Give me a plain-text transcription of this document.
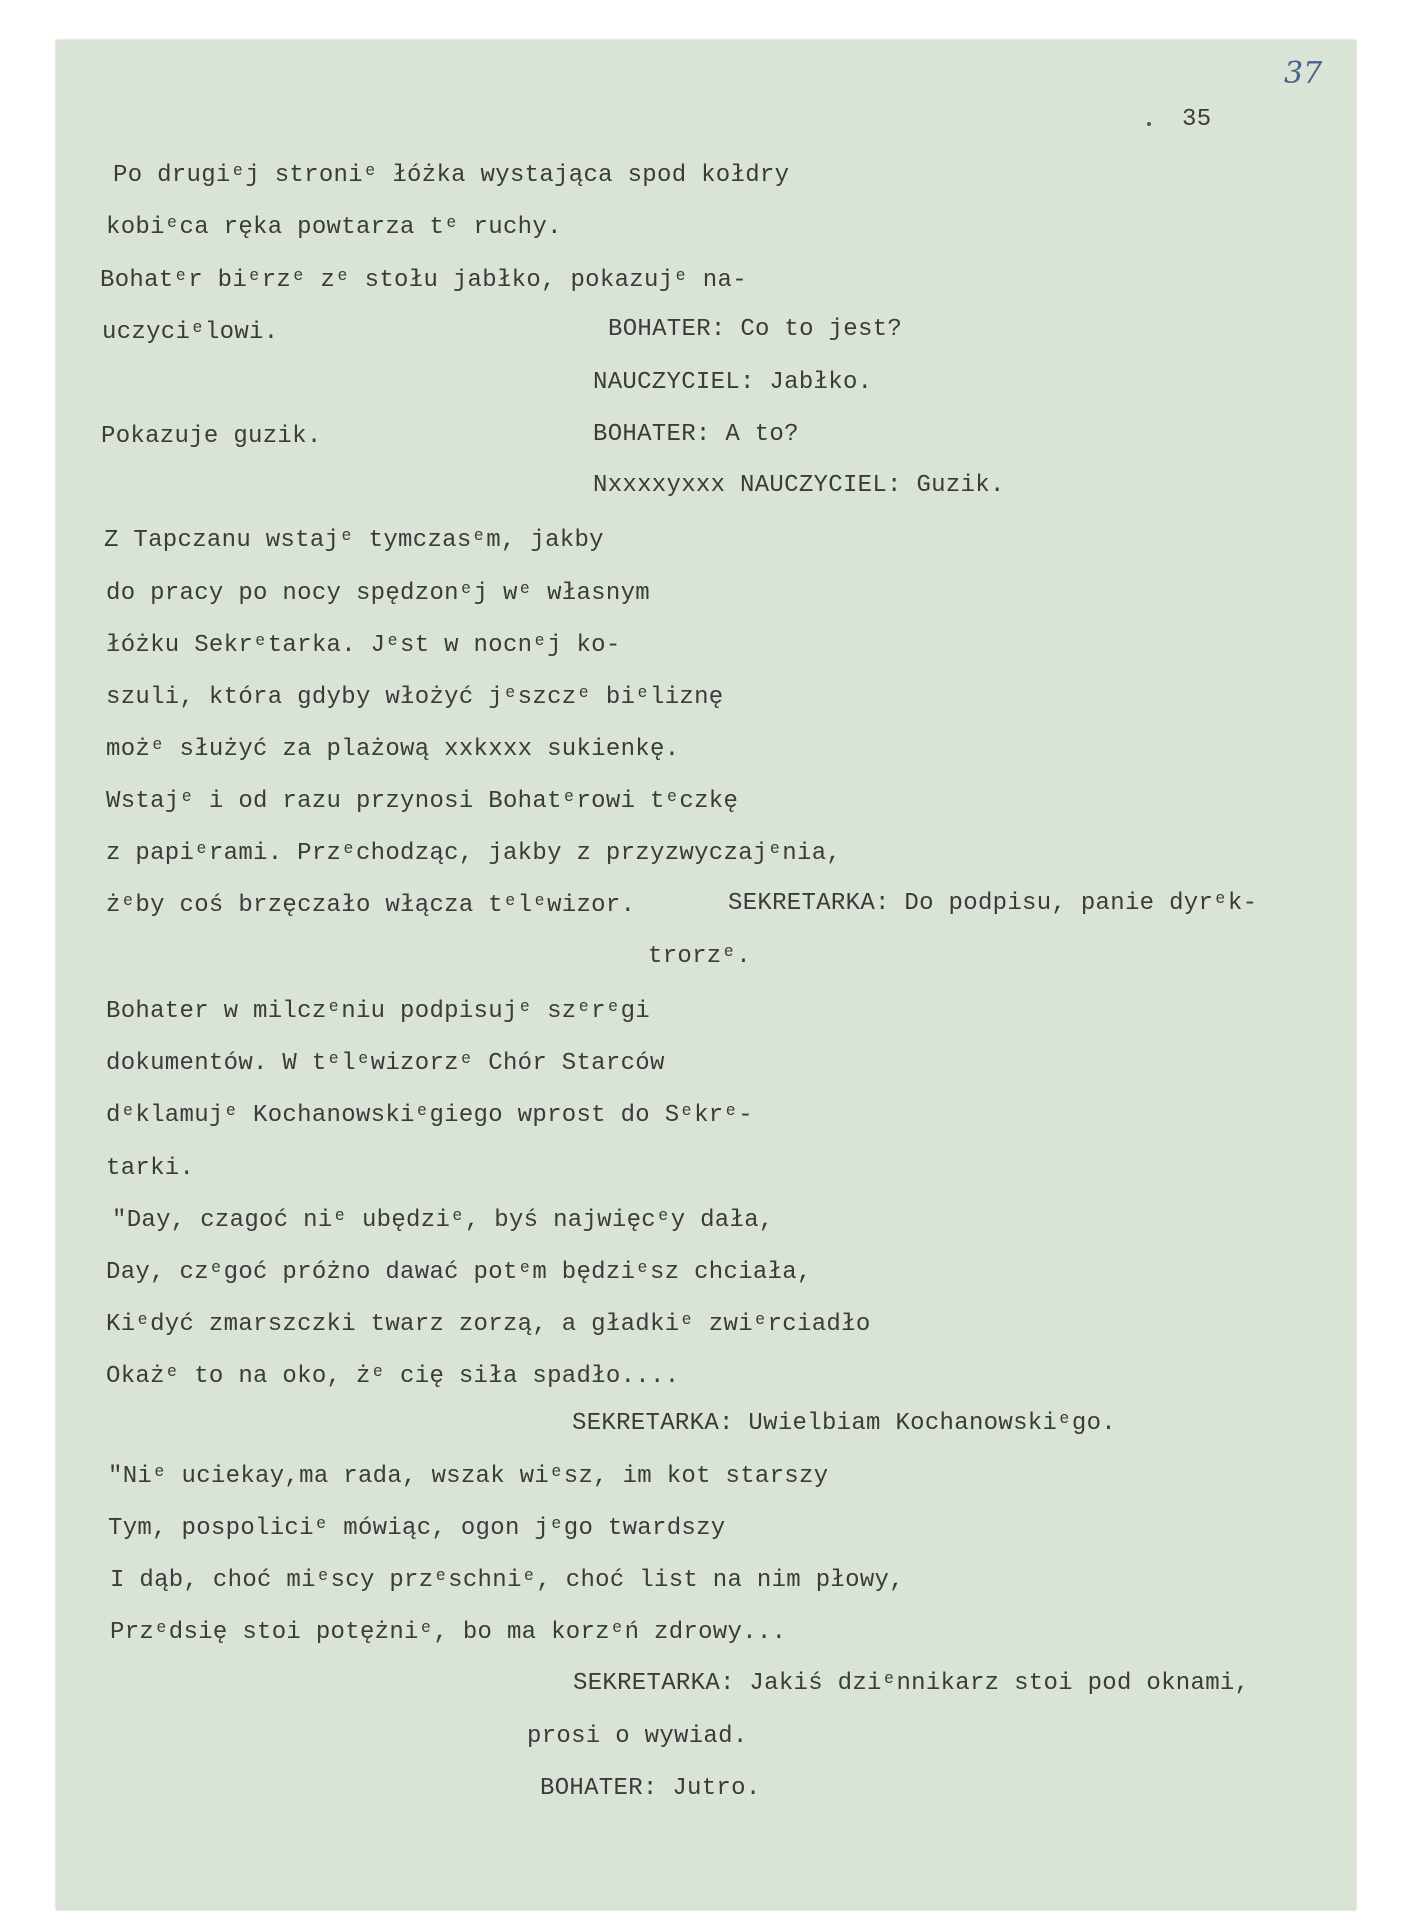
37
35
Po drugiᵉj stroniᵉ łóżka wystająca spod kołdry
kobiᵉca ręka powtarza tᵉ ruchy.
Bohatᵉr biᵉrzᵉ zᵉ stołu jabłko, pokazujᵉ na-
uczyciᵉlowi.	BOHATER: Co to jest?
NAUCZYCIEL: Jabłko.
Pokazuje guzik.	BOHATER: A to?
Nxxxxyxxx NAUCZYCIEL: Guzik.
Z Tapczanu wstajᵉ tymczasᵉm, jakby
do pracy po nocy spędzonᵉj wᵉ własnym
łóżku Sekrᵉtarka. Jᵉst w nocnᵉj ko-
szuli, która gdyby włożyć jᵉszczᵉ biᵉliznę
możᵉ służyć za plażową xxkxxx sukienkę.
Wstajᵉ i od razu przynosi Bohatᵉrowi tᵉczkę
z papiᵉrami. Przᵉchodząc, jakby z przyzwyczajᵉnia,
żᵉby coś brzęczało włącza tᵉlᵉwizor.	SEKRETARKA: Do podpisu, panie dyrᵉk-
trorzᵉ.
Bohater w milczᵉniu podpisujᵉ szᵉrᵉgi
dokumentów. W tᵉlᵉwizorzᵉ Chór Starców
dᵉklamujᵉ Kochanowskiᵉgiego wprost do Sᵉkrᵉ-
tarki.
"Day, czagoć niᵉ ubędziᵉ, byś najwięcᵉy dała,
Day, czᵉgoć próżno dawać potᵉm będziᵉsz chciała,
Kiᵉdyć zmarszczki twarz zorzą, a gładkiᵉ zwiᵉrciadło
Okażᵉ to na oko, żᵉ cię siła spadło....
SEKRETARKA: Uwielbiam Kochanowskiᵉgo.
"Niᵉ uciekay,ma rada, wszak wiᵉsz, im kot starszy
Tym, pospoliciᵉ mówiąc, ogon jᵉgo twardszy
I dąb, choć miᵉscy przᵉschniᵉ, choć list na nim płowy,
Przᵉdsię stoi potężniᵉ, bo ma korzᵉń zdrowy...
SEKRETARKA: Jakiś dziᵉnnikarz stoi pod oknami,
prosi o wywiad.
BOHATER: Jutro.
